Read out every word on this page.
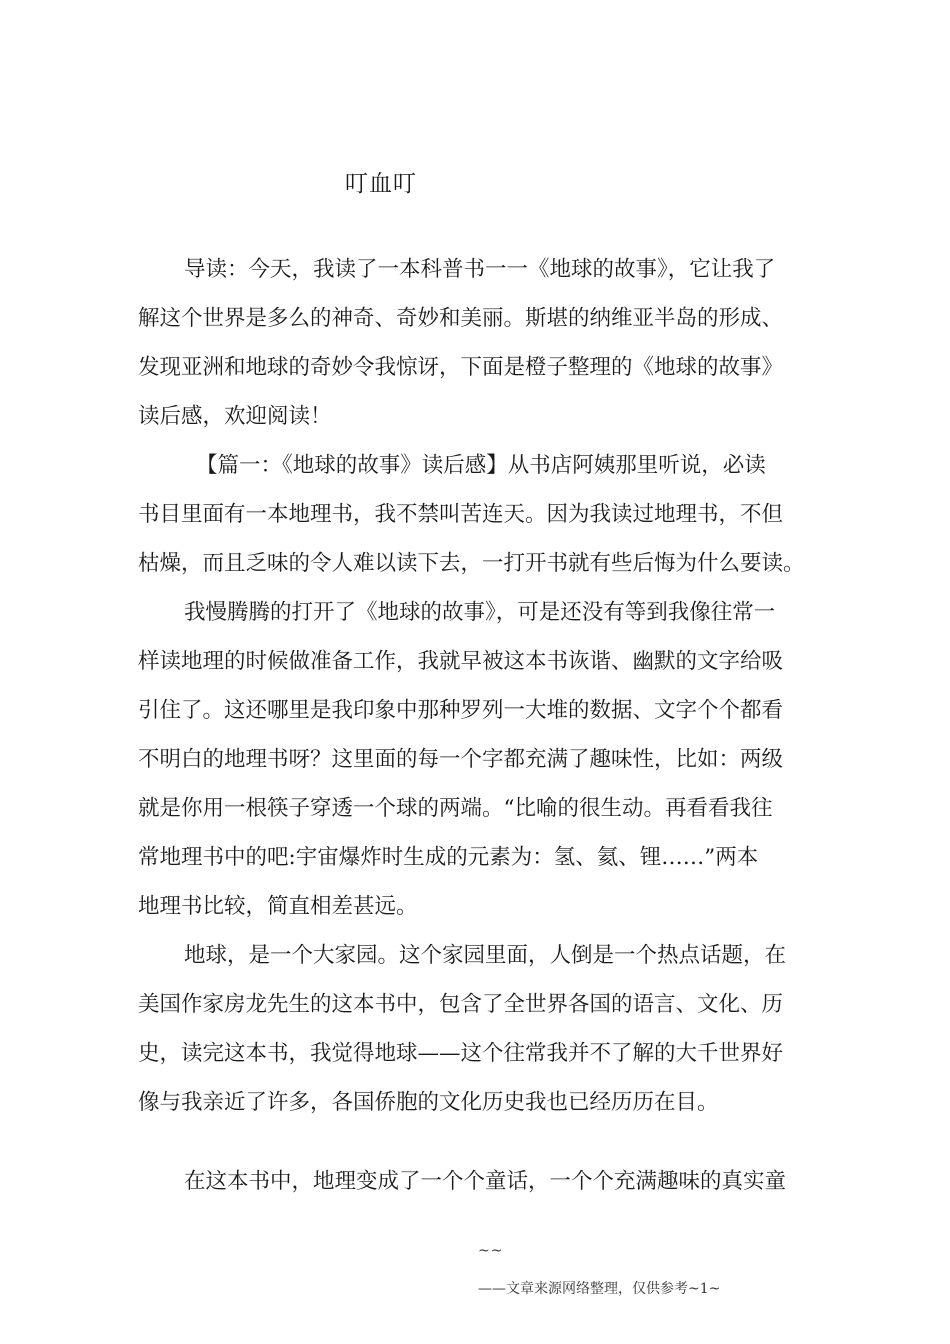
叮血叮

导读：今天，我读了一本科普书一一《地球的故事》，它让我了
解这个世界是多么的神奇、奇妙和美丽。斯堪的纳维亚半岛的形成、
发现亚洲和地球的奇妙令我惊讶，下面是橙子整理的《地球的故事》
读后感，欢迎阅读！

【篇一：《地球的故事》读后感】从书店阿姨那里听说，必读
书目里面有一本地理书，我不禁叫苦连天。因为我读过地理书，不但
枯燥，而且乏味的令人难以读下去，一打开书就有些后悔为什么要读。

我慢腾腾的打开了《地球的故事》，可是还没有等到我像往常一
样读地理的时候做准备工作，我就早被这本书诙谐、幽默的文字给吸
引住了。这还哪里是我印象中那种罗列一大堆的数据、文字个个都看
不明白的地理书呀？这里面的每一个字都充满了趣味性，比如：两级
就是你用一根筷子穿透一个球的两端。“比喻的很生动。再看看我往
常地理书中的吧:宇宙爆炸时生成的元素为：氢、氦、锂……”两本
地理书比较，简直相差甚远。

地球，是一个大家园。这个家园里面，人倒是一个热点话题，在
美国作家房龙先生的这本书中，包含了全世界各国的语言、文化、历
史，读完这本书，我觉得地球——这个往常我并不了解的大千世界好
像与我亲近了许多，各国侨胞的文化历史我也已经历历在目。

在这本书中，地理变成了一个个童话，一个个充满趣味的真实童

~~
——文章来源网络整理，仅供参考~1~
